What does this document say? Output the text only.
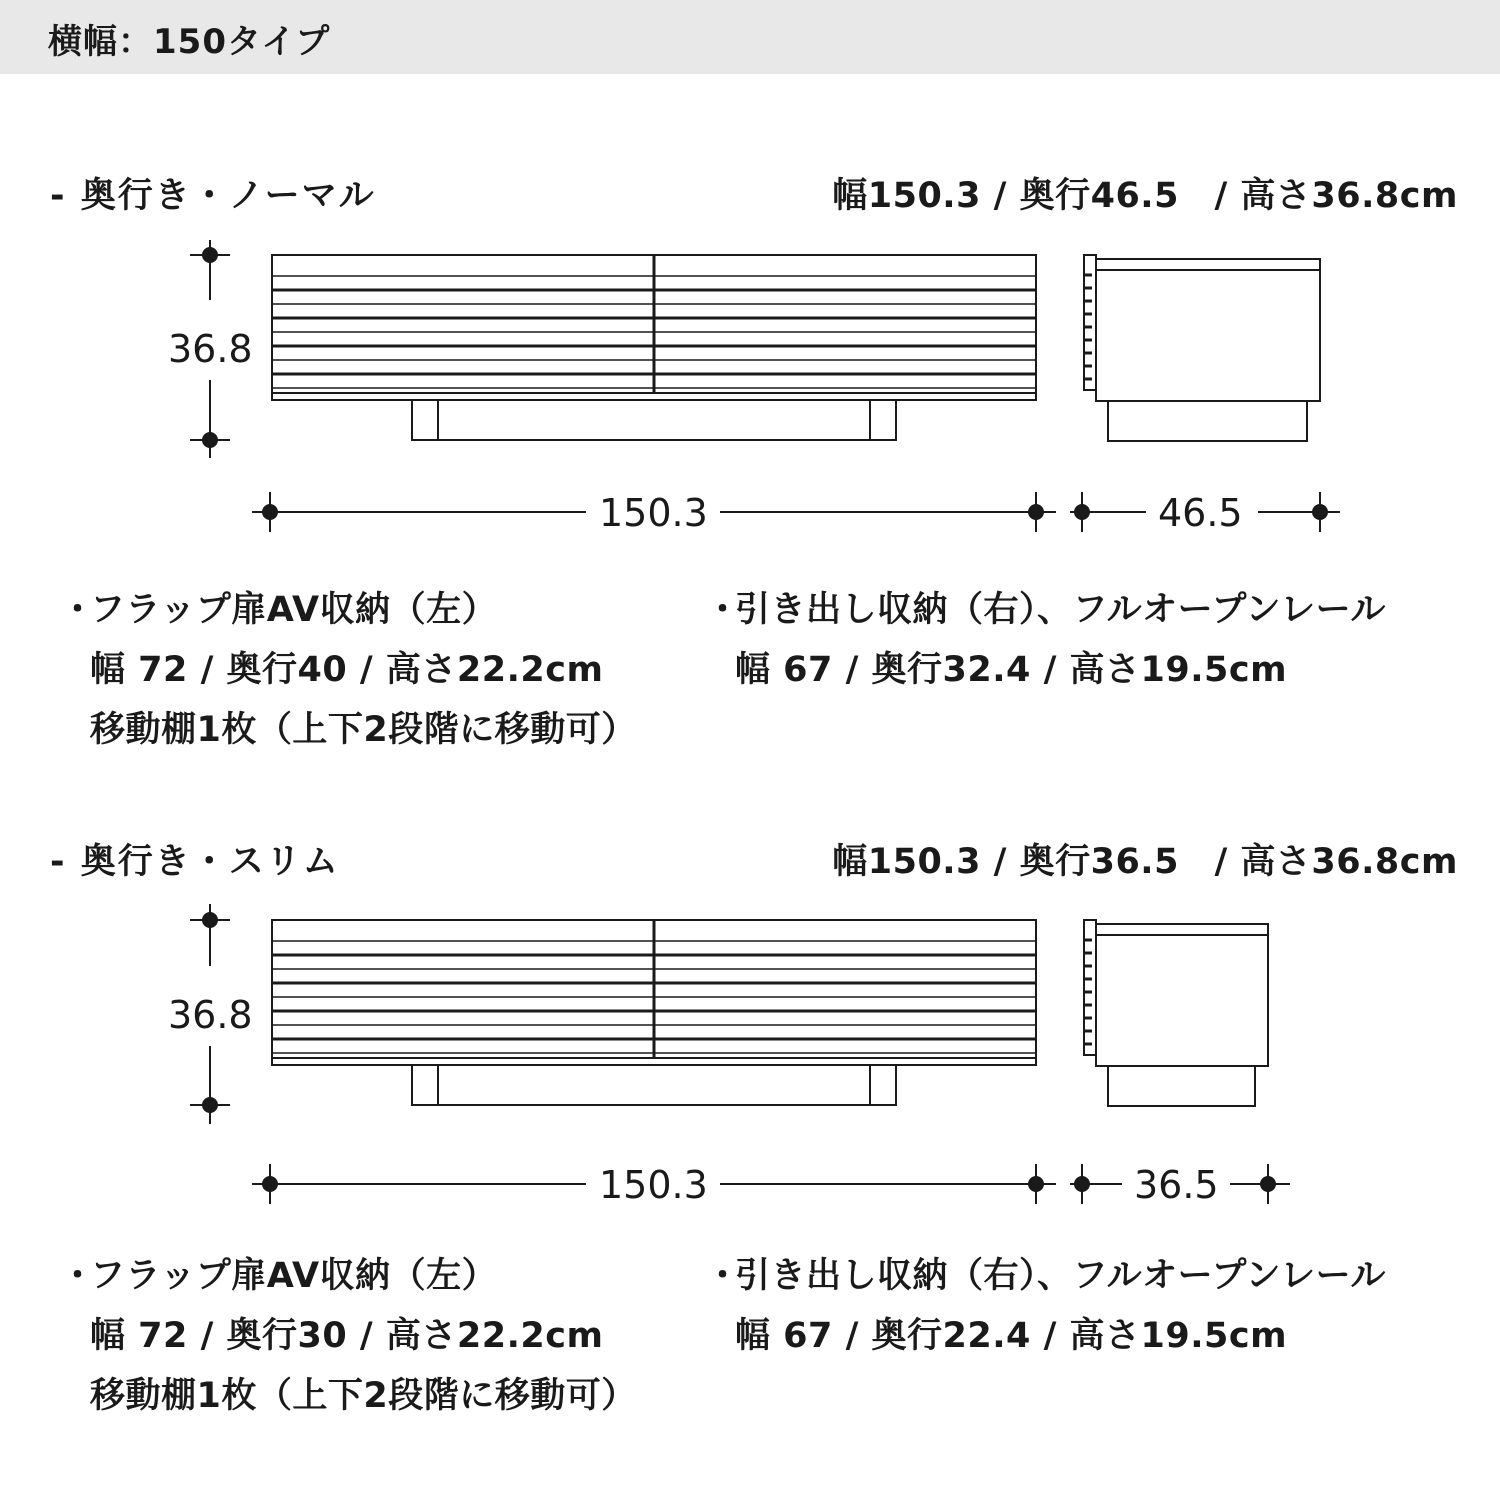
横幅：150タイプ
- 奥行き・ノーマル	幅150.3 / 奥行46.5　/ 高さ36.8cm
36.8
150.3	46.5
・フラップ扉AV収納（左）
幅 72 / 奥行40 / 高さ22.2cm
移動棚1枚（上下2段階に移動可）
・引き出し収納（右）、フルオープンレール
幅 67 / 奥行32.4 / 高さ19.5cm
- 奥行き・スリム	幅150.3 / 奥行36.5　/ 高さ36.8cm
36.8
150.3	36.5
・フラップ扉AV収納（左）
幅 72 / 奥行30 / 高さ22.2cm
移動棚1枚（上下2段階に移動可）
・引き出し収納（右）、フルオープンレール
幅 67 / 奥行22.4 / 高さ19.5cm
